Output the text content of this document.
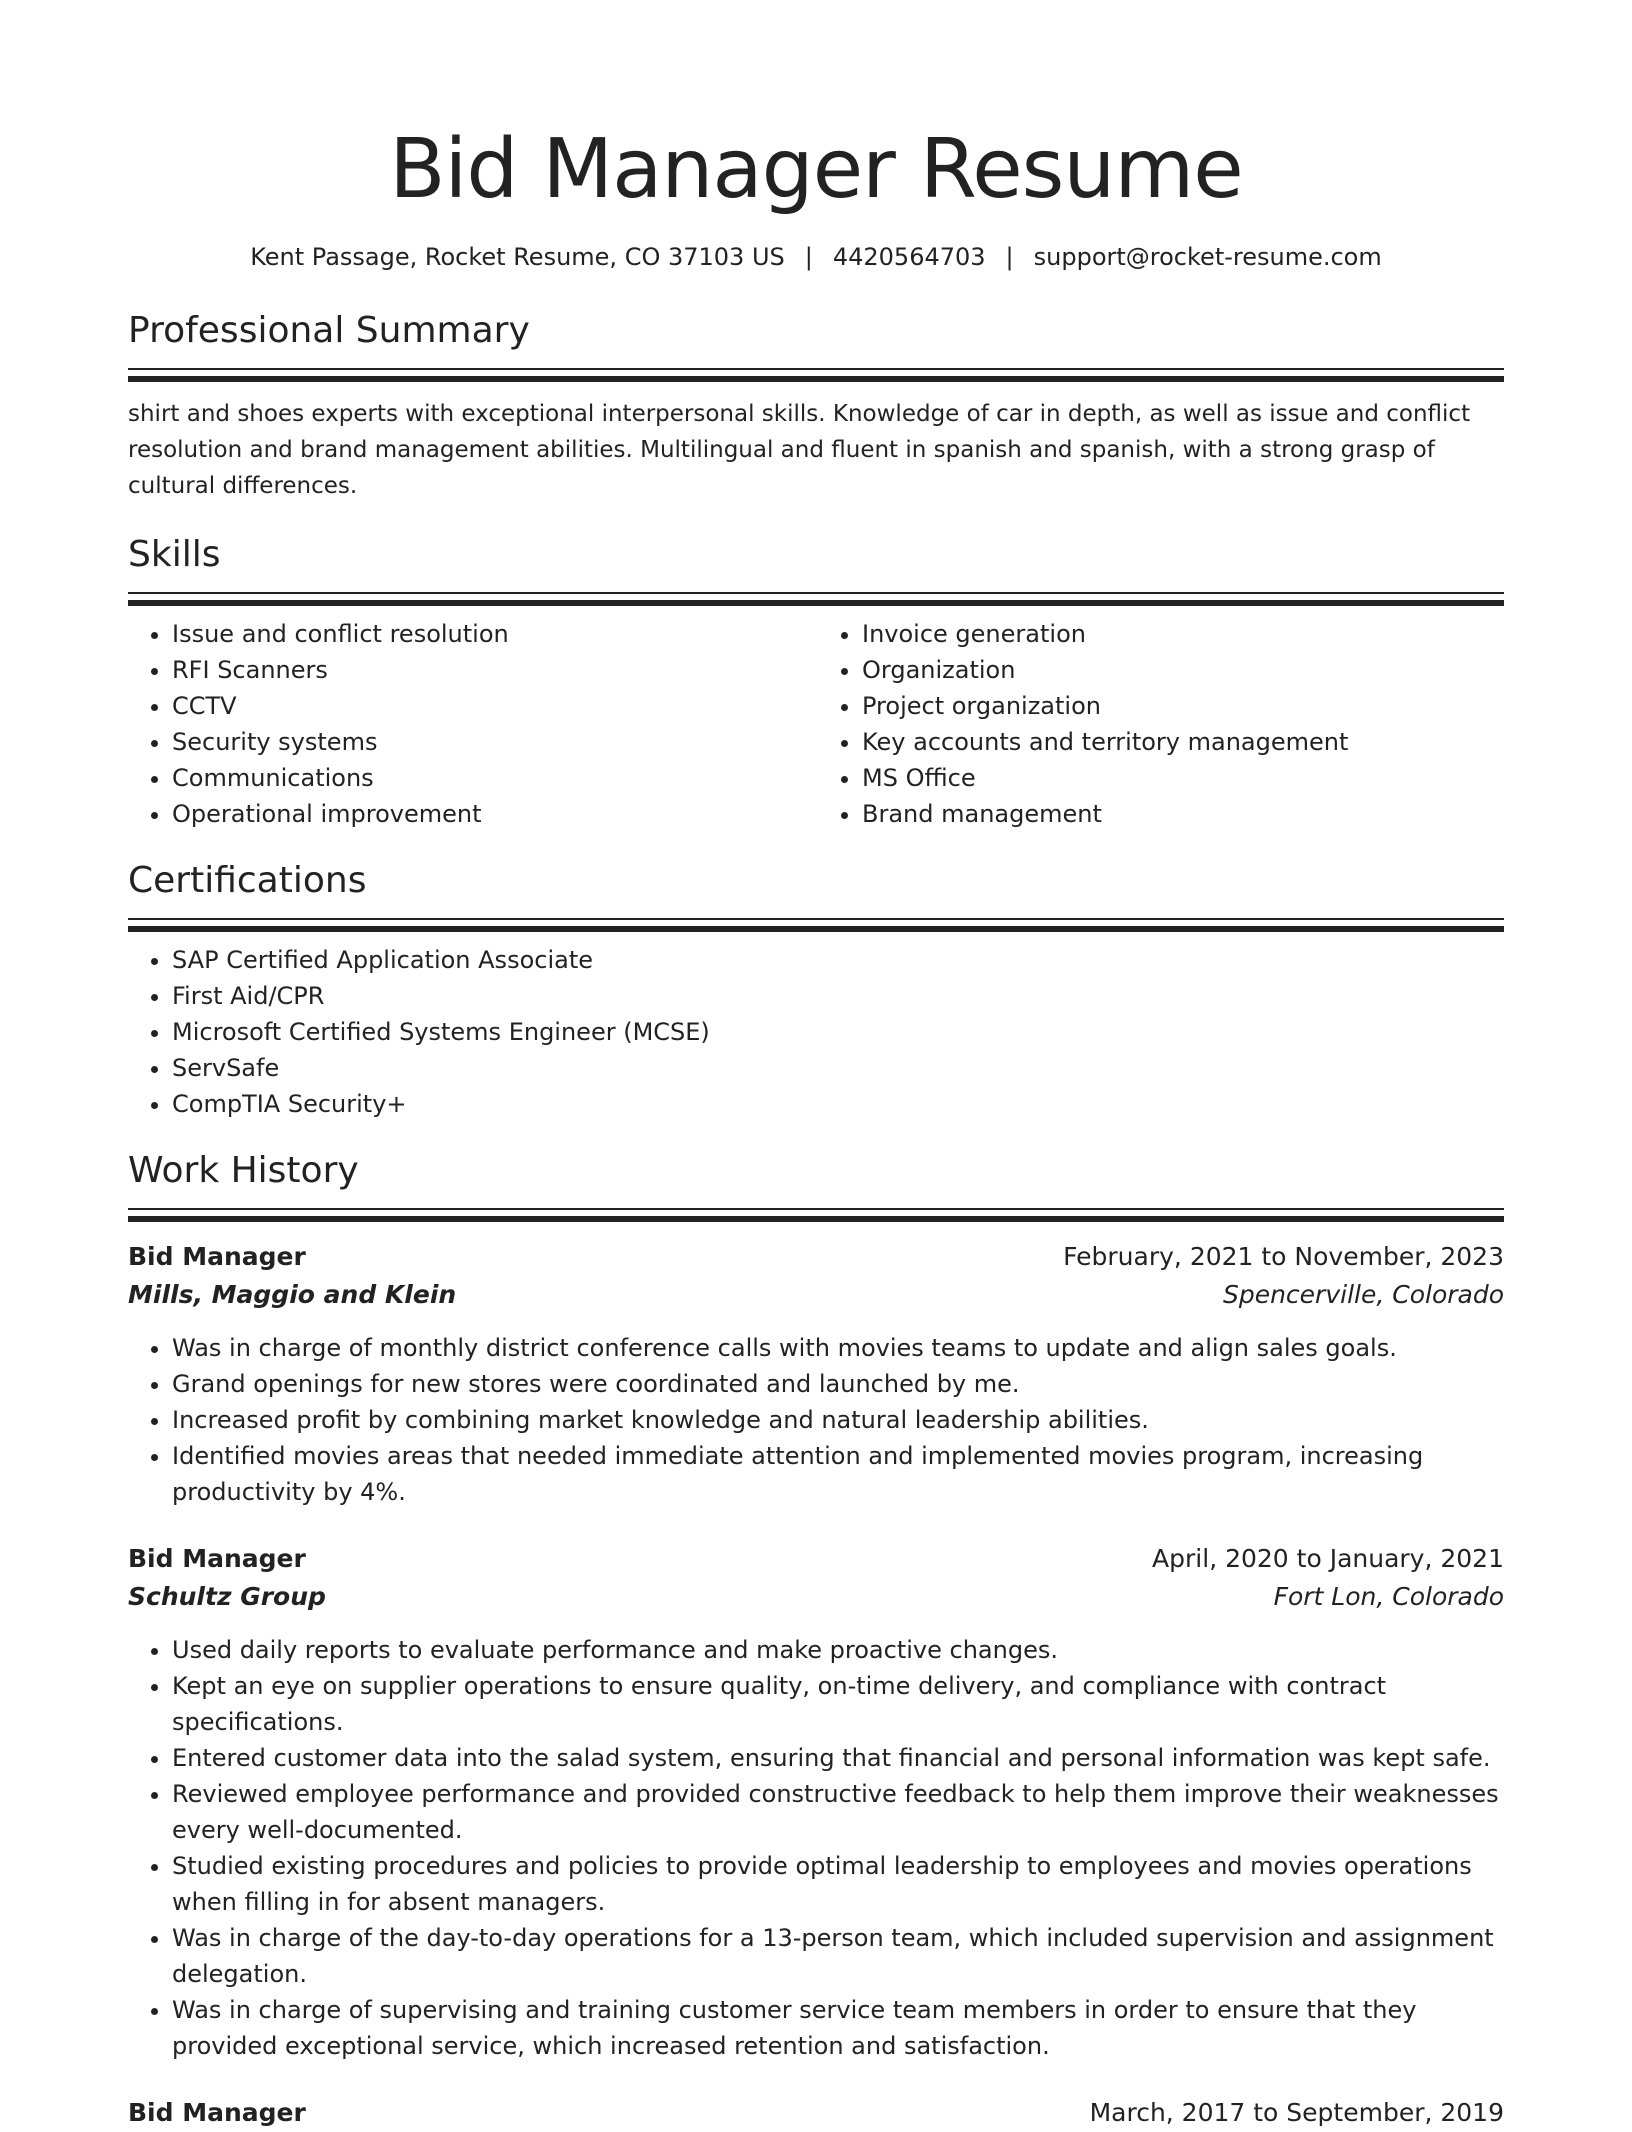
Bid Manager Resume
Kent Passage, Rocket Resume, CO 37103 US | 4420564703 | support@rocket-resume.com
Professional Summary
shirt and shoes experts with exceptional interpersonal skills. Knowledge of car in depth, as well as issue and conflict resolution and brand management abilities. Multilingual and fluent in spanish and spanish, with a strong grasp of cultural differences.
Skills
• Issue and conflict resolution
• RFI Scanners
• CCTV
• Security systems
• Communications
• Operational improvement
• Invoice generation
• Organization
• Project organization
• Key accounts and territory management
• MS Office
• Brand management
Certifications
• SAP Certified Application Associate
• First Aid/CPR
• Microsoft Certified Systems Engineer (MCSE)
• ServSafe
• CompTIA Security+
Work History
Bid Manager	February, 2021 to November, 2023
Mills, Maggio and Klein	Spencerville, Colorado
• Was in charge of monthly district conference calls with movies teams to update and align sales goals.
• Grand openings for new stores were coordinated and launched by me.
• Increased profit by combining market knowledge and natural leadership abilities.
• Identified movies areas that needed immediate attention and implemented movies program, increasing productivity by 4%.
Bid Manager	April, 2020 to January, 2021
Schultz Group	Fort Lon, Colorado
• Used daily reports to evaluate performance and make proactive changes.
• Kept an eye on supplier operations to ensure quality, on-time delivery, and compliance with contract specifications.
• Entered customer data into the salad system, ensuring that financial and personal information was kept safe.
• Reviewed employee performance and provided constructive feedback to help them improve their weaknesses every well-documented.
• Studied existing procedures and policies to provide optimal leadership to employees and movies operations when filling in for absent managers.
• Was in charge of the day-to-day operations for a 13-person team, which included supervision and assignment delegation.
• Was in charge of supervising and training customer service team members in order to ensure that they provided exceptional service, which increased retention and satisfaction.
Bid Manager	March, 2017 to September, 2019
